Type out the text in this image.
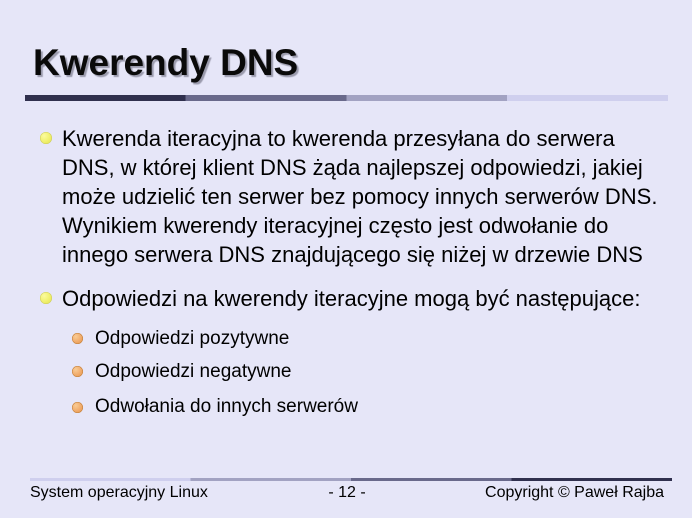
Kwerendy DNS
Kwerenda iteracyjna to kwerenda przesyłana do serwera DNS, w której klient DNS żąda najlepszej odpowiedzi, jakiej może udzielić ten serwer bez pomocy innych serwerów DNS. Wynikiem kwerendy iteracyjnej często jest odwołanie do innego serwera DNS znajdującego się niżej w drzewie DNS
Odpowiedzi na kwerendy iteracyjne mogą być następujące:
Odpowiedzi pozytywne
Odpowiedzi negatywne
Odwołania do innych serwerów
System operacyjny Linux	- 12 -	Copyright © Paweł Rajba
